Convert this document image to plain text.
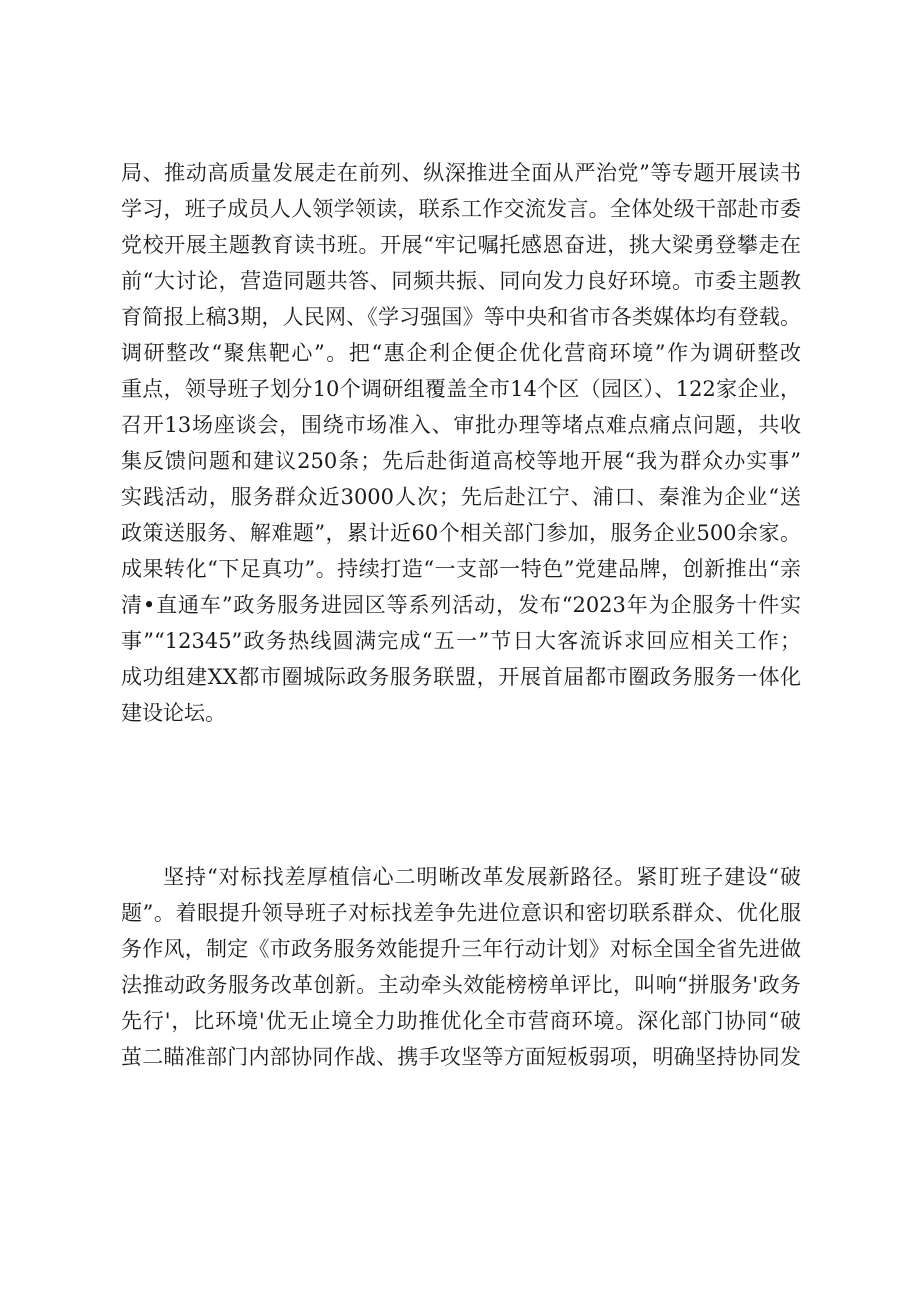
局、推动高质量发展走在前列、纵深推进全面从严治党”等专题开展读书
学习，班子成员人人领学领读，联系工作交流发言。全体处级干部赴市委
党校开展主题教育读书班。开展“牢记嘱托感恩奋进，挑大梁勇登攀走在
前“大讨论，营造同题共答、同频共振、同向发力良好环境。市委主题教
育简报上稿3期，人民网、《学习强国》等中央和省市各类媒体均有登载。
调研整改“聚焦靶心”。把“惠企利企便企优化营商环境”作为调研整改
重点，领导班子划分10个调研组覆盖全市14个区（园区）、122家企业，
召开13场座谈会，围绕市场准入、审批办理等堵点难点痛点问题，共收
集反馈问题和建议250条；先后赴街道高校等地开展“我为群众办实事”
实践活动，服务群众近3000人次；先后赴江宁、浦口、秦淮为企业“送
政策送服务、解难题”，累计近60个相关部门参加，服务企业500余家。
成果转化“下足真功”。持续打造“一支部一特色”党建品牌，创新推出“亲
清•直通车”政务服务进园区等系列活动，发布“2023年为企服务十件实
事”“12345”政务热线圆满完成“五一”节日大客流诉求回应相关工作；
成功组建XX都市圈城际政务服务联盟，开展首届都市圈政务服务一体化
建设论坛。
坚持“对标找差厚植信心二明晰改革发展新路径。紧盯班子建设“破
题”。着眼提升领导班子对标找差争先进位意识和密切联系群众、优化服
务作风，制定《市政务服务效能提升三年行动计划》对标全国全省先进做
法推动政务服务改革创新。主动牵头效能榜榜单评比，叫响“拼服务'政务
先行'，比环境'优无止境全力助推优化全市营商环境。深化部门协同“破
茧二瞄准部门内部协同作战、携手攻坚等方面短板弱项，明确坚持协同发
